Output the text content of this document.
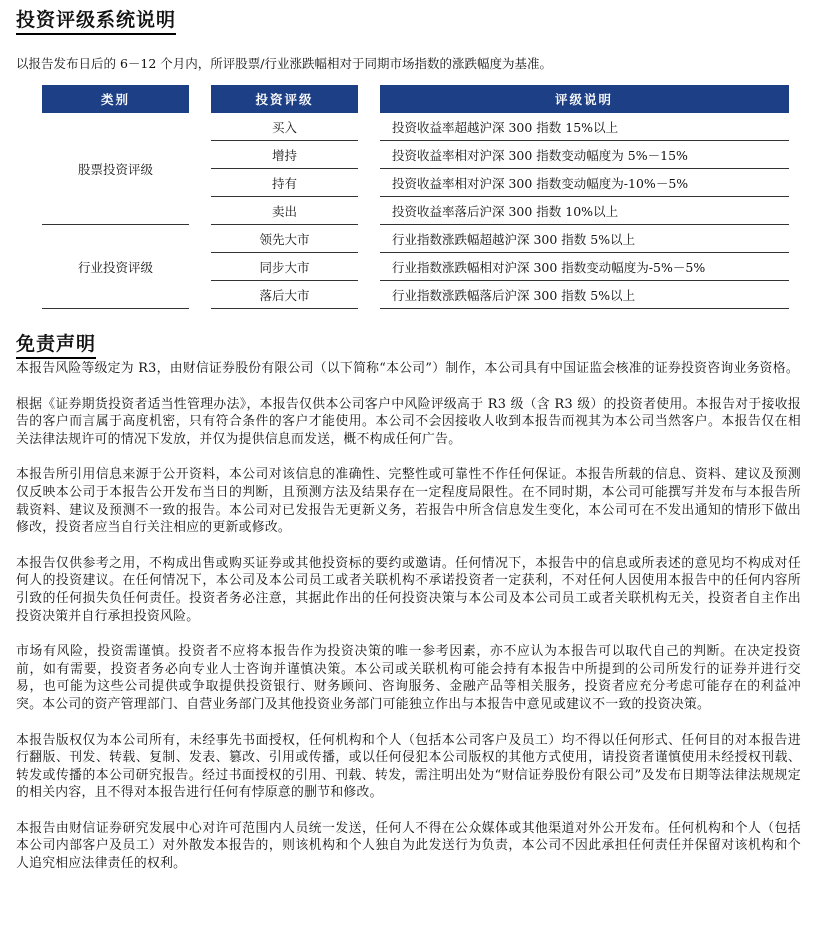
投资评级系统说明

以报告发布日后的 6－12 个月内，所评股票/行业涨跌幅相对于同期市场指数的涨跌幅度为基准。

类别		投资评级		评级说明
股票投资评级		买入		投资收益率超越沪深 300 指数 15%以上
		增持		投资收益率相对沪深 300 指数变动幅度为 5%－15%
		持有		投资收益率相对沪深 300 指数变动幅度为-10%－5%
		卖出		投资收益率落后沪深 300 指数 10%以上
行业投资评级		领先大市		行业指数涨跌幅超越沪深 300 指数 5%以上
		同步大市		行业指数涨跌幅相对沪深 300 指数变动幅度为-5%－5%
		落后大市		行业指数涨跌幅落后沪深 300 指数 5%以上
免责声明

本报告风险等级定为 R3，由财信证券股份有限公司（以下简称“本公司”）制作，本公司具有中国证监会核准的证券投资咨询业务资格。

根据《证券期货投资者适当性管理办法》，本报告仅供本公司客户中风险评级高于 R3 级（含 R3 级）的投资者使用。本报告对于接收报告的客户而言属于高度机密，只有符合条件的客户才能使用。本公司不会因接收人收到本报告而视其为本公司当然客户。本报告仅在相关法律法规许可的情况下发放，并仅为提供信息而发送，概不构成任何广告。

本报告所引用信息来源于公开资料，本公司对该信息的准确性、完整性或可靠性不作任何保证。本报告所载的信息、资料、建议及预测仅反映本公司于本报告公开发布当日的判断，且预测方法及结果存在一定程度局限性。在不同时期，本公司可能撰写并发布与本报告所载资料、建议及预测不一致的报告。本公司对已发报告无更新义务，若报告中所含信息发生变化，本公司可在不发出通知的情形下做出修改，投资者应当自行关注相应的更新或修改。

本报告仅供参考之用，不构成出售或购买证券或其他投资标的要约或邀请。任何情况下，本报告中的信息或所表述的意见均不构成对任何人的投资建议。在任何情况下，本公司及本公司员工或者关联机构不承诺投资者一定获利，不对任何人因使用本报告中的任何内容所引致的任何损失负任何责任。投资者务必注意，其据此作出的任何投资决策与本公司及本公司员工或者关联机构无关，投资者自主作出投资决策并自行承担投资风险。

市场有风险，投资需谨慎。投资者不应将本报告作为投资决策的唯一参考因素，亦不应认为本报告可以取代自己的判断。在决定投资前，如有需要，投资者务必向专业人士咨询并谨慎决策。本公司或关联机构可能会持有本报告中所提到的公司所发行的证券并进行交易，也可能为这些公司提供或争取提供投资银行、财务顾问、咨询服务、金融产品等相关服务，投资者应充分考虑可能存在的利益冲突。本公司的资产管理部门、自营业务部门及其他投资业务部门可能独立作出与本报告中意见或建议不一致的投资决策。

本报告版权仅为本公司所有，未经事先书面授权，任何机构和个人（包括本公司客户及员工）均不得以任何形式、任何目的对本报告进行翻版、刊发、转载、复制、发表、篡改、引用或传播，或以任何侵犯本公司版权的其他方式使用，请投资者谨慎使用未经授权刊载、转发或传播的本公司研究报告。经过书面授权的引用、刊载、转发，需注明出处为“财信证券股份有限公司”及发布日期等法律法规规定的相关内容，且不得对本报告进行任何有悖原意的删节和修改。

本报告由财信证券研究发展中心对许可范围内人员统一发送，任何人不得在公众媒体或其他渠道对外公开发布。任何机构和个人（包括本公司内部客户及员工）对外散发本报告的，则该机构和个人独自为此发送行为负责，本公司不因此承担任何责任并保留对该机构和个人追究相应法律责任的权利。
